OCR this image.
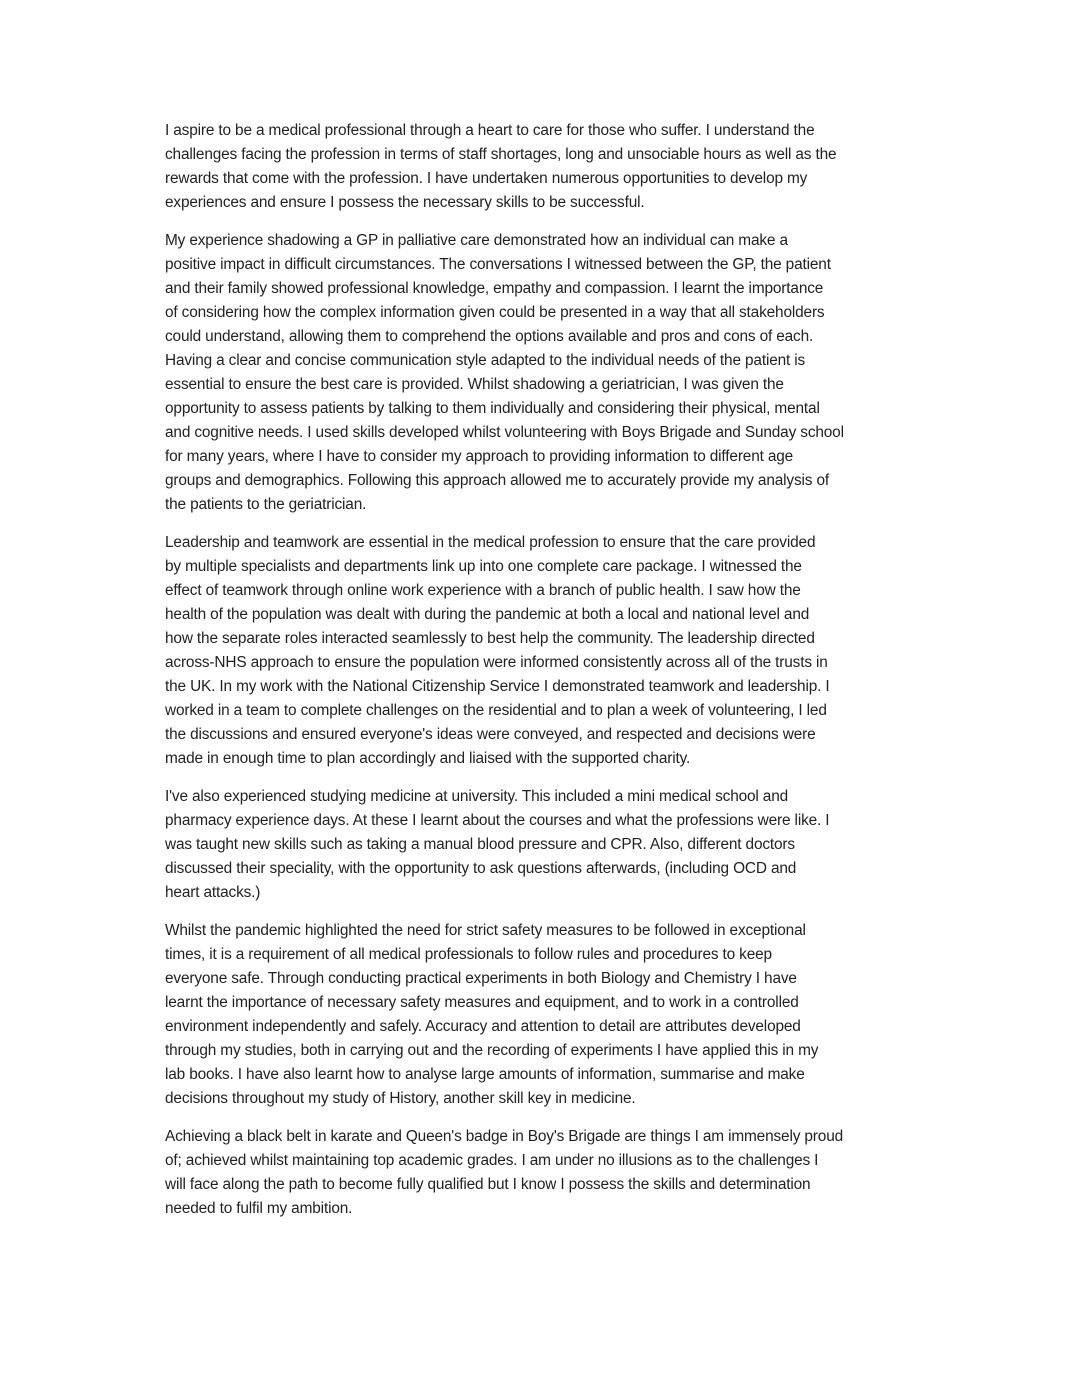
I aspire to be a medical professional through a heart to care for those who suffer. I understand the
challenges facing the profession in terms of staff shortages, long and unsociable hours as well as the
rewards that come with the profession. I have undertaken numerous opportunities to develop my
experiences and ensure I possess the necessary skills to be successful.

My experience shadowing a GP in palliative care demonstrated how an individual can make a
positive impact in difficult circumstances. The conversations I witnessed between the GP, the patient
and their family showed professional knowledge, empathy and compassion. I learnt the importance
of considering how the complex information given could be presented in a way that all stakeholders
could understand, allowing them to comprehend the options available and pros and cons of each.
Having a clear and concise communication style adapted to the individual needs of the patient is
essential to ensure the best care is provided. Whilst shadowing a geriatrician, I was given the
opportunity to assess patients by talking to them individually and considering their physical, mental
and cognitive needs. I used skills developed whilst volunteering with Boys Brigade and Sunday school
for many years, where I have to consider my approach to providing information to different age
groups and demographics. Following this approach allowed me to accurately provide my analysis of
the patients to the geriatrician.

Leadership and teamwork are essential in the medical profession to ensure that the care provided
by multiple specialists and departments link up into one complete care package. I witnessed the
effect of teamwork through online work experience with a branch of public health. I saw how the
health of the population was dealt with during the pandemic at both a local and national level and
how the separate roles interacted seamlessly to best help the community. The leadership directed
across-NHS approach to ensure the population were informed consistently across all of the trusts in
the UK. In my work with the National Citizenship Service I demonstrated teamwork and leadership. I
worked in a team to complete challenges on the residential and to plan a week of volunteering, I led
the discussions and ensured everyone's ideas were conveyed, and respected and decisions were
made in enough time to plan accordingly and liaised with the supported charity.

I've also experienced studying medicine at university. This included a mini medical school and
pharmacy experience days. At these I learnt about the courses and what the professions were like. I
was taught new skills such as taking a manual blood pressure and CPR. Also, different doctors
discussed their speciality, with the opportunity to ask questions afterwards, (including OCD and
heart attacks.)

Whilst the pandemic highlighted the need for strict safety measures to be followed in exceptional
times, it is a requirement of all medical professionals to follow rules and procedures to keep
everyone safe. Through conducting practical experiments in both Biology and Chemistry I have
learnt the importance of necessary safety measures and equipment, and to work in a controlled
environment independently and safely. Accuracy and attention to detail are attributes developed
through my studies, both in carrying out and the recording of experiments I have applied this in my
lab books. I have also learnt how to analyse large amounts of information, summarise and make
decisions throughout my study of History, another skill key in medicine.

Achieving a black belt in karate and Queen's badge in Boy's Brigade are things I am immensely proud
of; achieved whilst maintaining top academic grades. I am under no illusions as to the challenges I
will face along the path to become fully qualified but I know I possess the skills and determination
needed to fulfil my ambition.
